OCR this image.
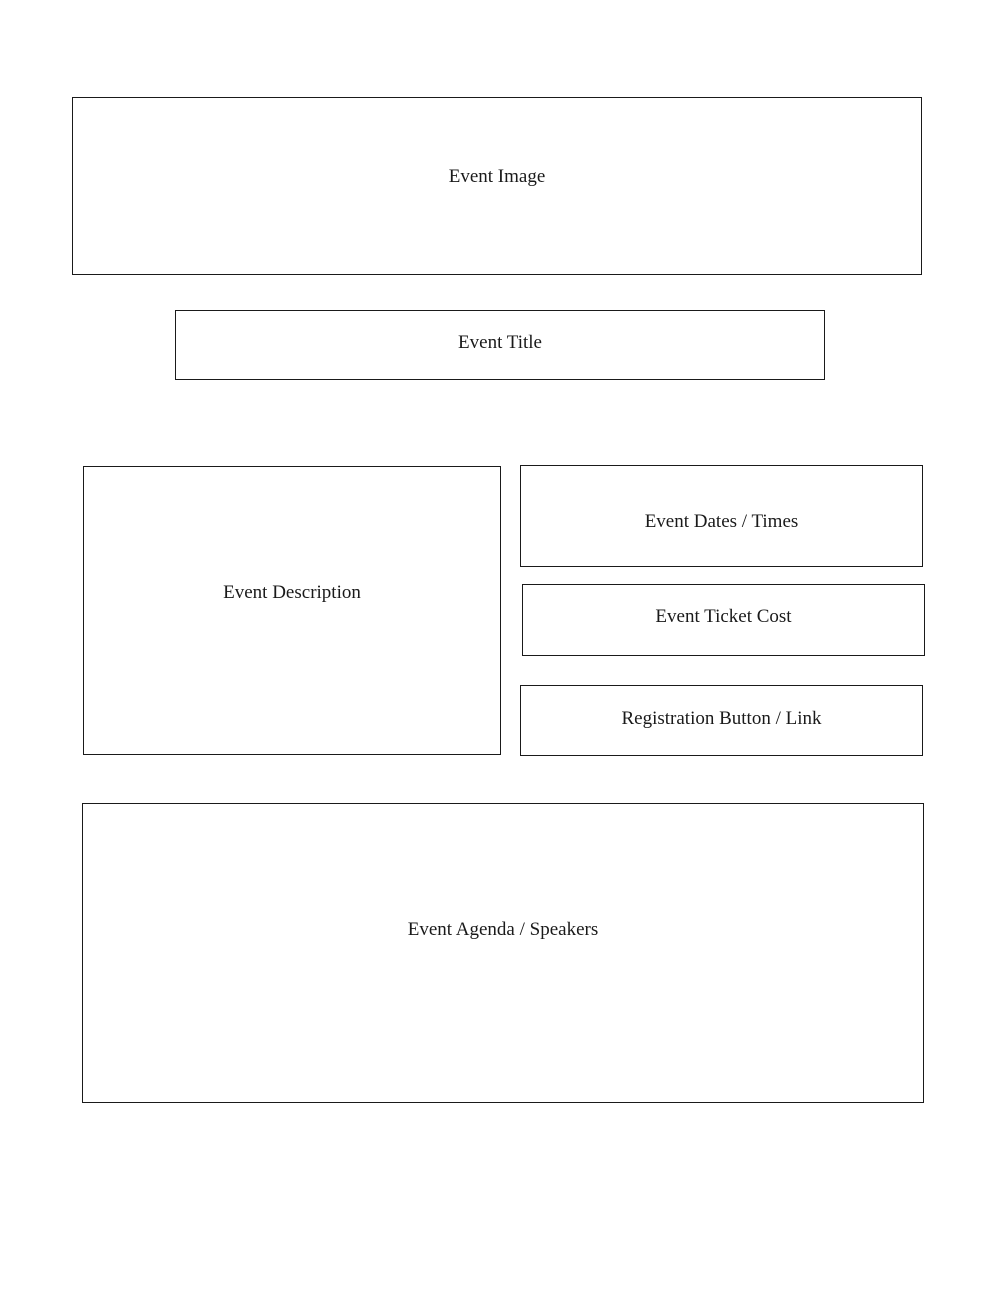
Event Image
Event Title
Event Description
Event Dates / Times
Event Ticket Cost
Registration Button / Link
Event Agenda / Speakers
